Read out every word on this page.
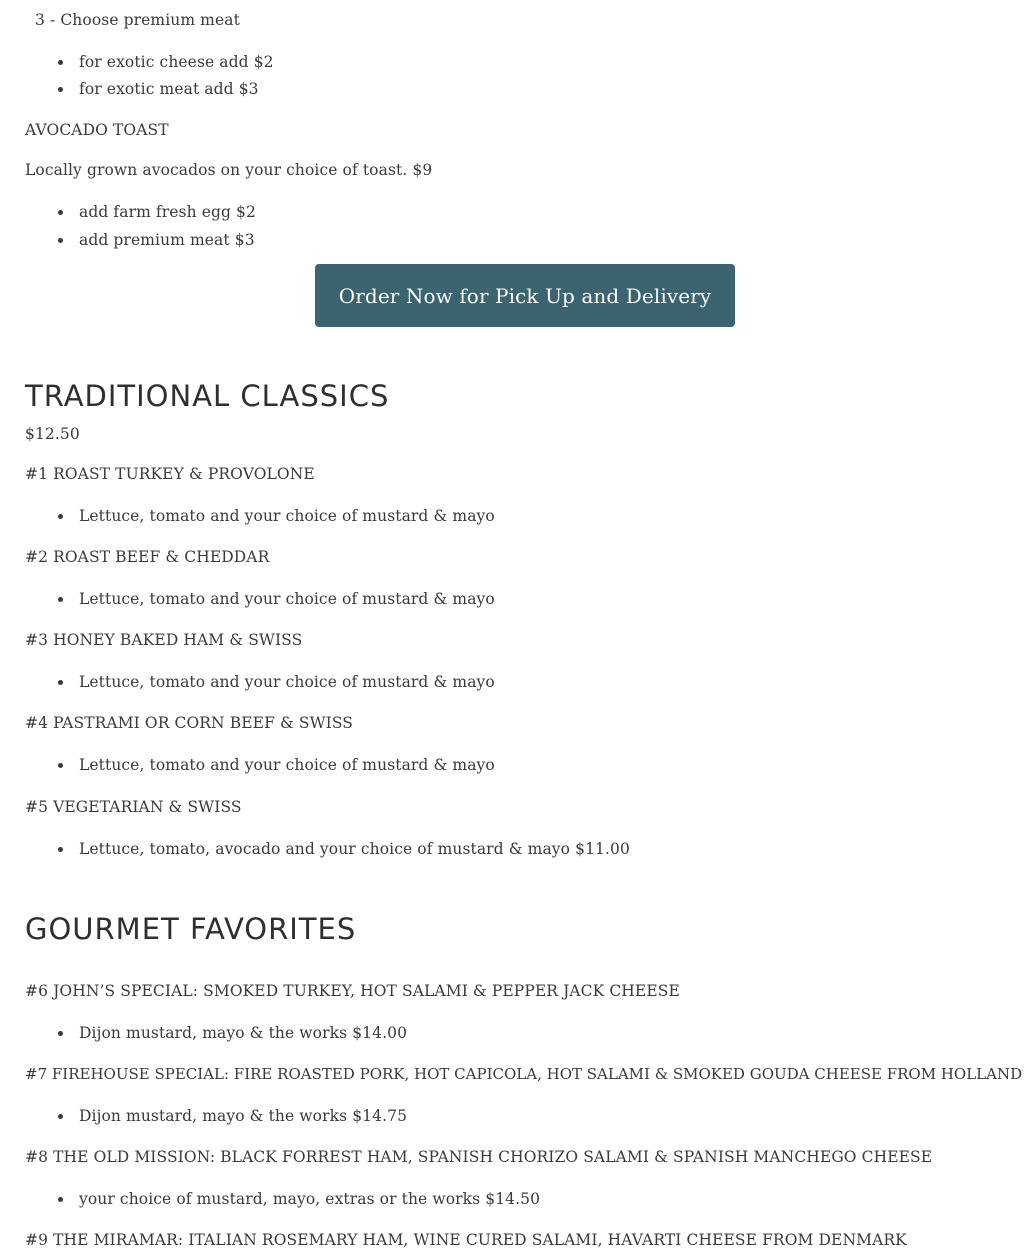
3 - Choose premium meat
for exotic cheese add $2
for exotic meat add $3
AVOCADO TOAST
Locally grown avocados on your choice of toast. $9
add farm fresh egg $2
add premium meat $3
Order Now for Pick Up and Delivery
TRADITIONAL CLASSICS
$12.50
#1 ROAST TURKEY & PROVOLONE
Lettuce, tomato and your choice of mustard & mayo
#2 ROAST BEEF & CHEDDAR
Lettuce, tomato and your choice of mustard & mayo
#3 HONEY BAKED HAM & SWISS
Lettuce, tomato and your choice of mustard & mayo
#4 PASTRAMI OR CORN BEEF & SWISS
Lettuce, tomato and your choice of mustard & mayo
#5 VEGETARIAN & SWISS
Lettuce, tomato, avocado and your choice of mustard & mayo $11.00
GOURMET FAVORITES
#6 JOHN’S SPECIAL: SMOKED TURKEY, HOT SALAMI & PEPPER JACK CHEESE
Dijon mustard, mayo & the works $14.00
#7 FIREHOUSE SPECIAL: FIRE ROASTED PORK, HOT CAPICOLA, HOT SALAMI & SMOKED GOUDA CHEESE FROM HOLLAND
Dijon mustard, mayo & the works $14.75
#8 THE OLD MISSION: BLACK FORREST HAM, SPANISH CHORIZO SALAMI & SPANISH MANCHEGO CHEESE
your choice of mustard, mayo, extras or the works $14.50
#9 THE MIRAMAR: ITALIAN ROSEMARY HAM, WINE CURED SALAMI, HAVARTI CHEESE FROM DENMARK
